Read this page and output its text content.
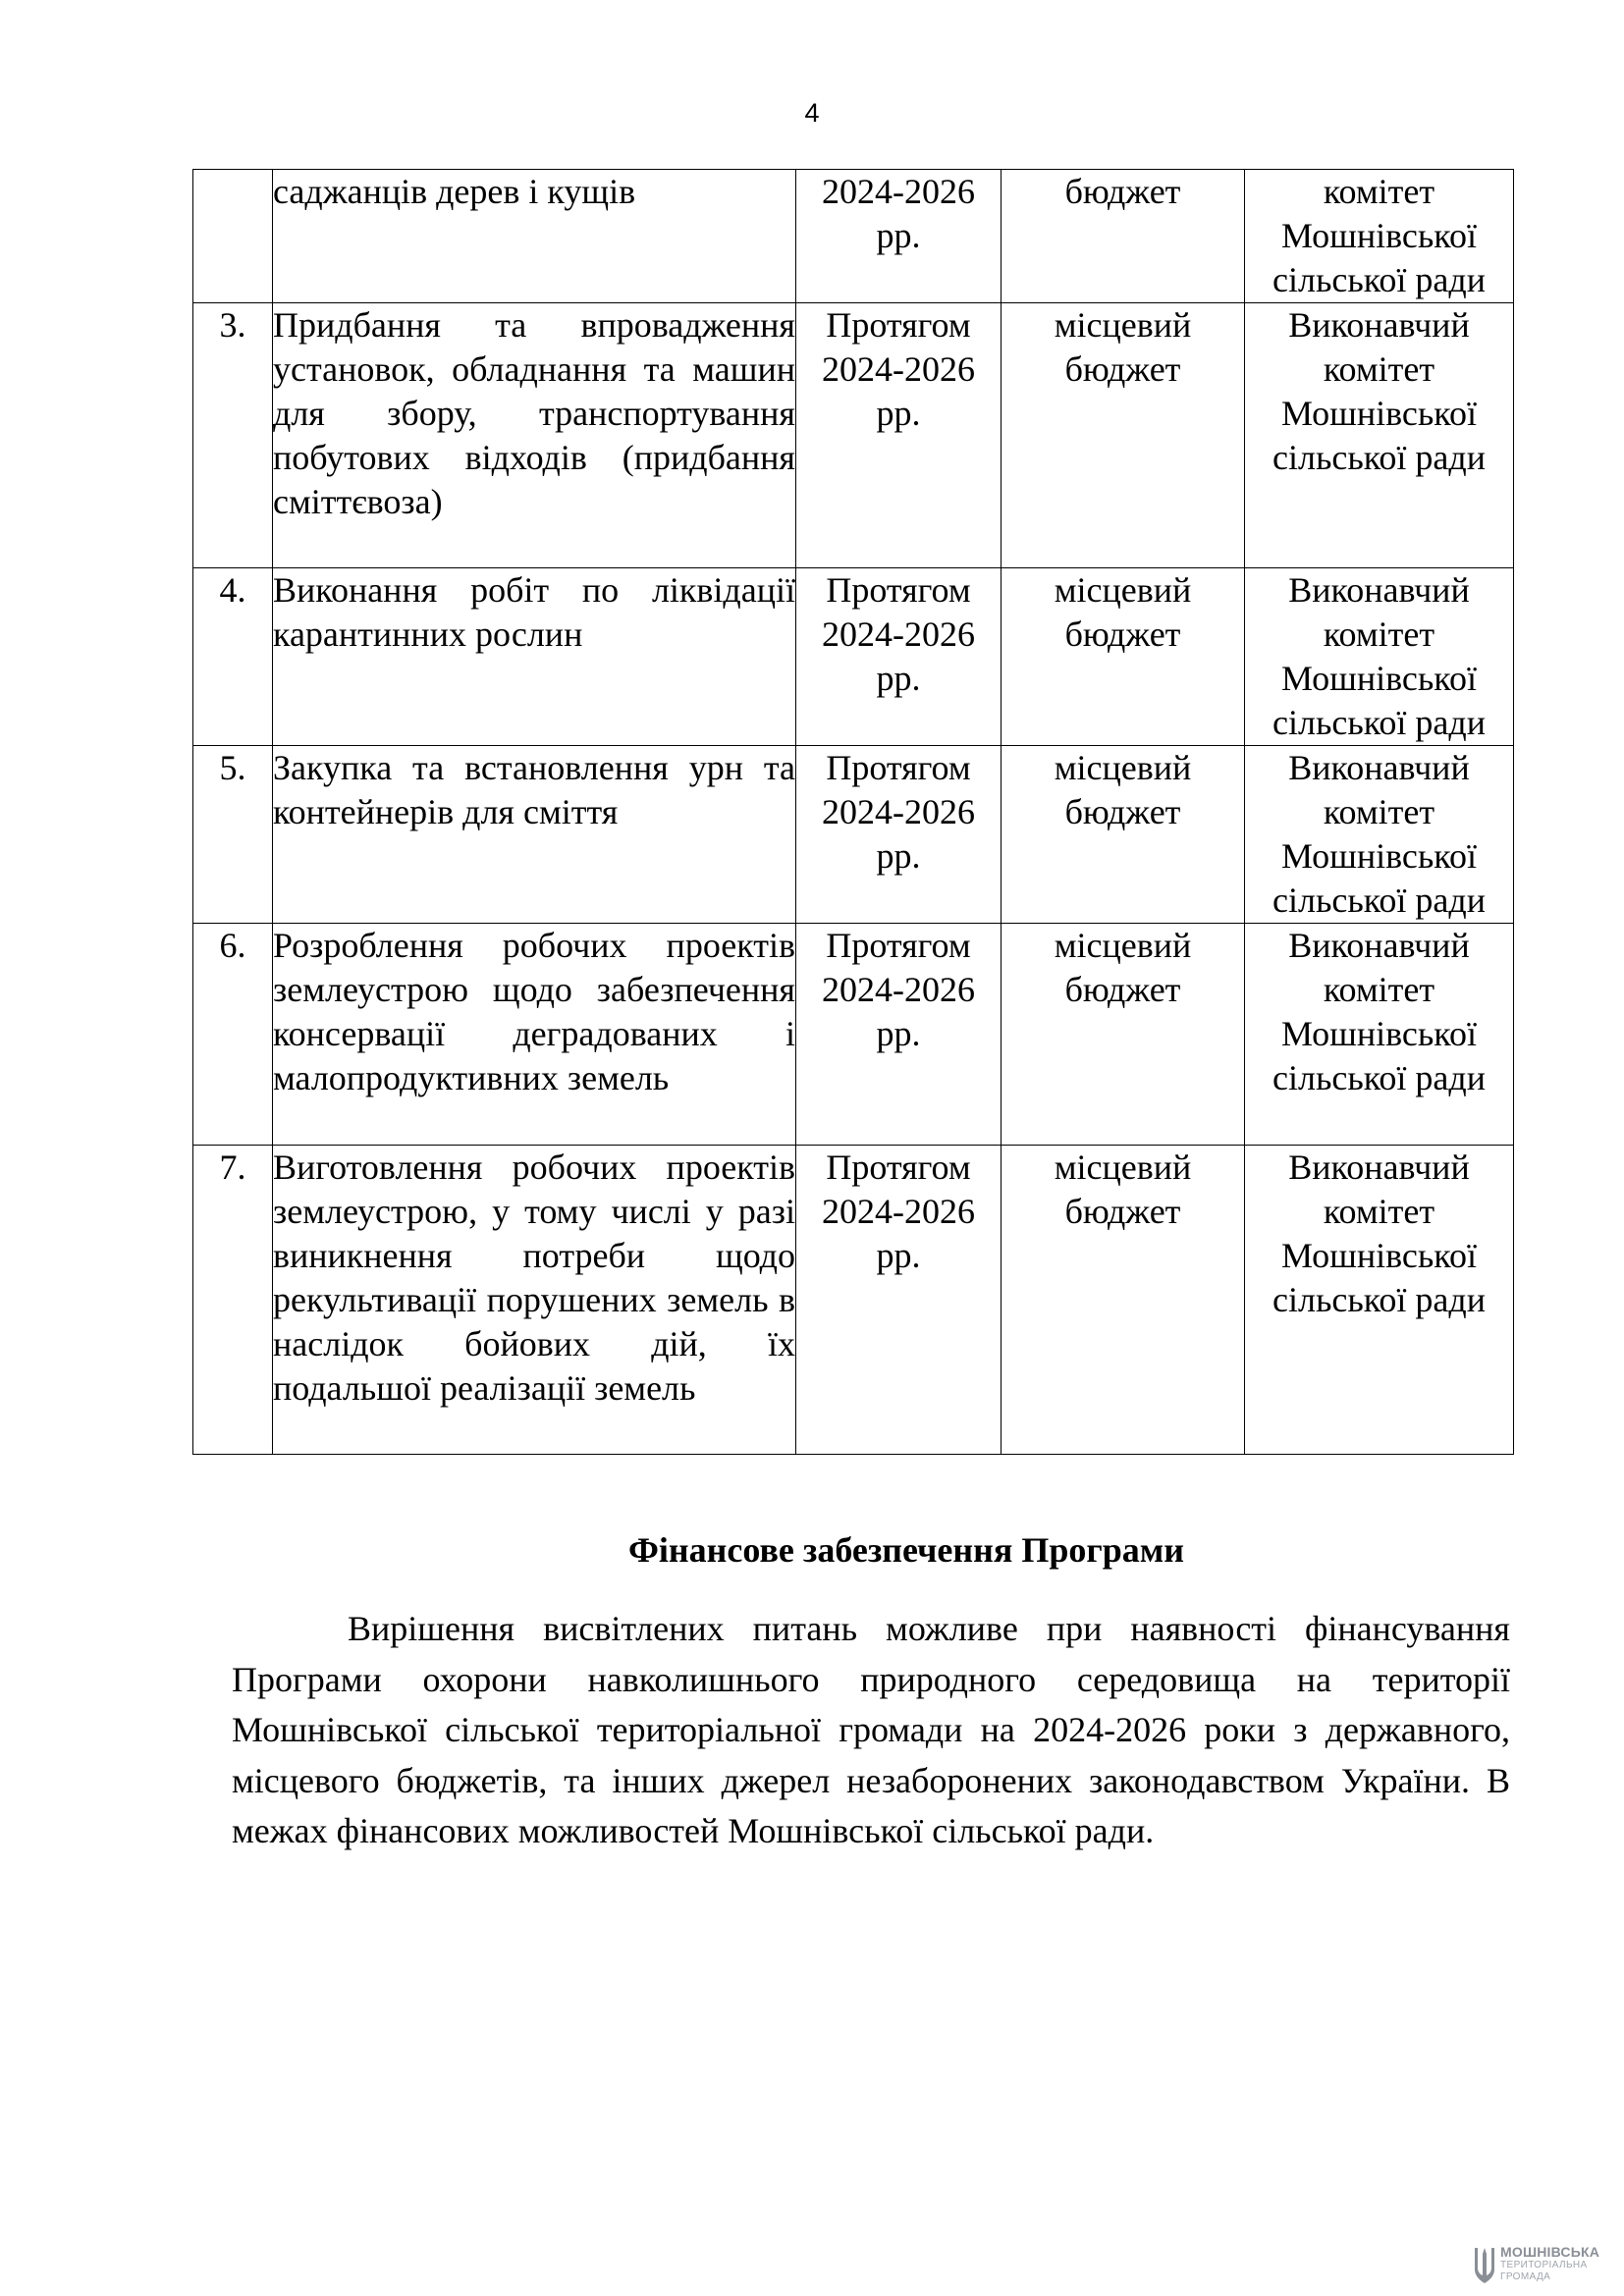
4
	саджанців дерев і кущів	2024-2026 рр.	бюджет	комітет Мошнівської сільської ради
3.	Придбання та впровадження установок, обладнання та машин для збору, транспортування побутових відходів (придбання сміттєвоза)	Протягом 2024-2026 рр.	місцевий бюджет	Виконавчий комітет Мошнівської сільської ради
4.	Виконання робіт по ліквідації карантинних рослин	Протягом 2024-2026 рр.	місцевий бюджет	Виконавчий комітет Мошнівської сільської ради
5.	Закупка та встановлення урн та контейнерів для сміття	Протягом 2024-2026 рр.	місцевий бюджет	Виконавчий комітет Мошнівської сільської ради
6.	Розроблення робочих проектів землеустрою щодо забезпечення консервації деградованих і малопродуктивних земель	Протягом 2024-2026 рр.	місцевий бюджет	Виконавчий комітет Мошнівської сільської ради
7.	Виготовлення робочих проектів землеустрою, у тому числі у разі виникнення потреби щодо рекультивації порушених земель в наслідок бойових дій, їх подальшої реалізації земель	Протягом 2024-2026 рр.	місцевий бюджет	Виконавчий комітет Мошнівської сільської ради
Фінансове забезпечення Програми

Вирішення висвітлених питань можливе при наявності фінансування Програми охорони навколишнього природного середовища на території Мошнівської сільської територіальної громади на 2024-2026 роки з державного, місцевого бюджетів, та інших джерел незаборонених законодавством України. В межах фінансових можливостей Мошнівської сільської ради.

МОШНІВСЬКА
ТЕРИТОРІАЛЬНА
ГРОМАДА
